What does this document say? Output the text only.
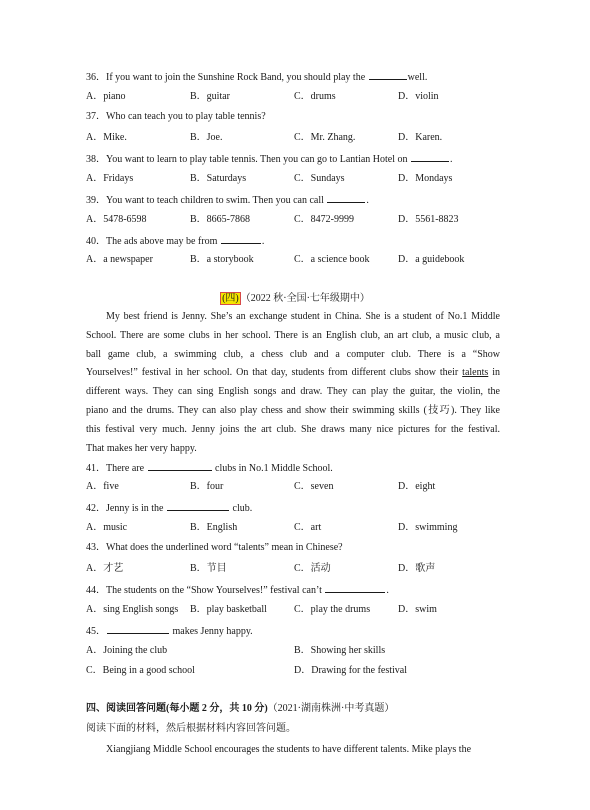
36．If you want to join the Sunshine Rock Band, you should play the	well.
A．piano	B．guitar	C．drums	D．violin
37．Who can teach you to play table tennis?
A．Mike.	B．Joe.	C．Mr. Zhang.	D．Karen.
38．You want to learn to play table tennis. Then you can go to Lantian Hotel on	.
A．Fridays	B．Saturdays	C．Sundays	D．Mondays
39．You want to teach children to swim. Then you can call	.
A．5478-6598	B．8665-7868	C．8472-9999	D．5561-8823
40．The ads above may be from	.
A．a newspaper	B．a storybook	C．a science book	D．a guidebook
(四) （2022 秋·全国·七年级期中）

My best friend is Jenny. She’s an exchange student in China. She is a student of No.1 Middle

School. There are some clubs in her school. There is an English club, an art club, a music club, a

ball game club, a swimming club, a chess club and a computer club. There is a “Show

Yourselves!” festival in her school. On that day, students from different clubs show their talents in

different ways. They can sing English songs and draw. They can play the guitar, the violin, the

piano and the drums. They can also play chess and show their swimming skills (技巧). They like

this festival very much. Jenny joins the art club. She draws many nice pictures for the festival.

That makes her very happy.

41．There are	clubs in No.1 Middle School.
A．five	B．four	C．seven	D．eight
42．Jenny is in the	club.
A．music	B．English	C．art	D．swimming
43．What does the underlined word “talents” mean in Chinese?
A．才艺	B．节目	C．活动	D．歌声
44．The students on the “Show Yourselves!” festival can’t	.
A．sing English songs B．play basketball	C．play the drums	D．swim
45．	makes Jenny happy.
A．Joining the club	B．Showing her skills
C．Being in a good school	D．Drawing for the festival
四、阅读回答问题(每小题 2 分，共 10 分)（2021·湖南株洲·中考真题）
阅读下面的材料，然后根据材料内容回答问题。
Xiangjiang Middle School encourages the students to have different talents. Mike plays the
